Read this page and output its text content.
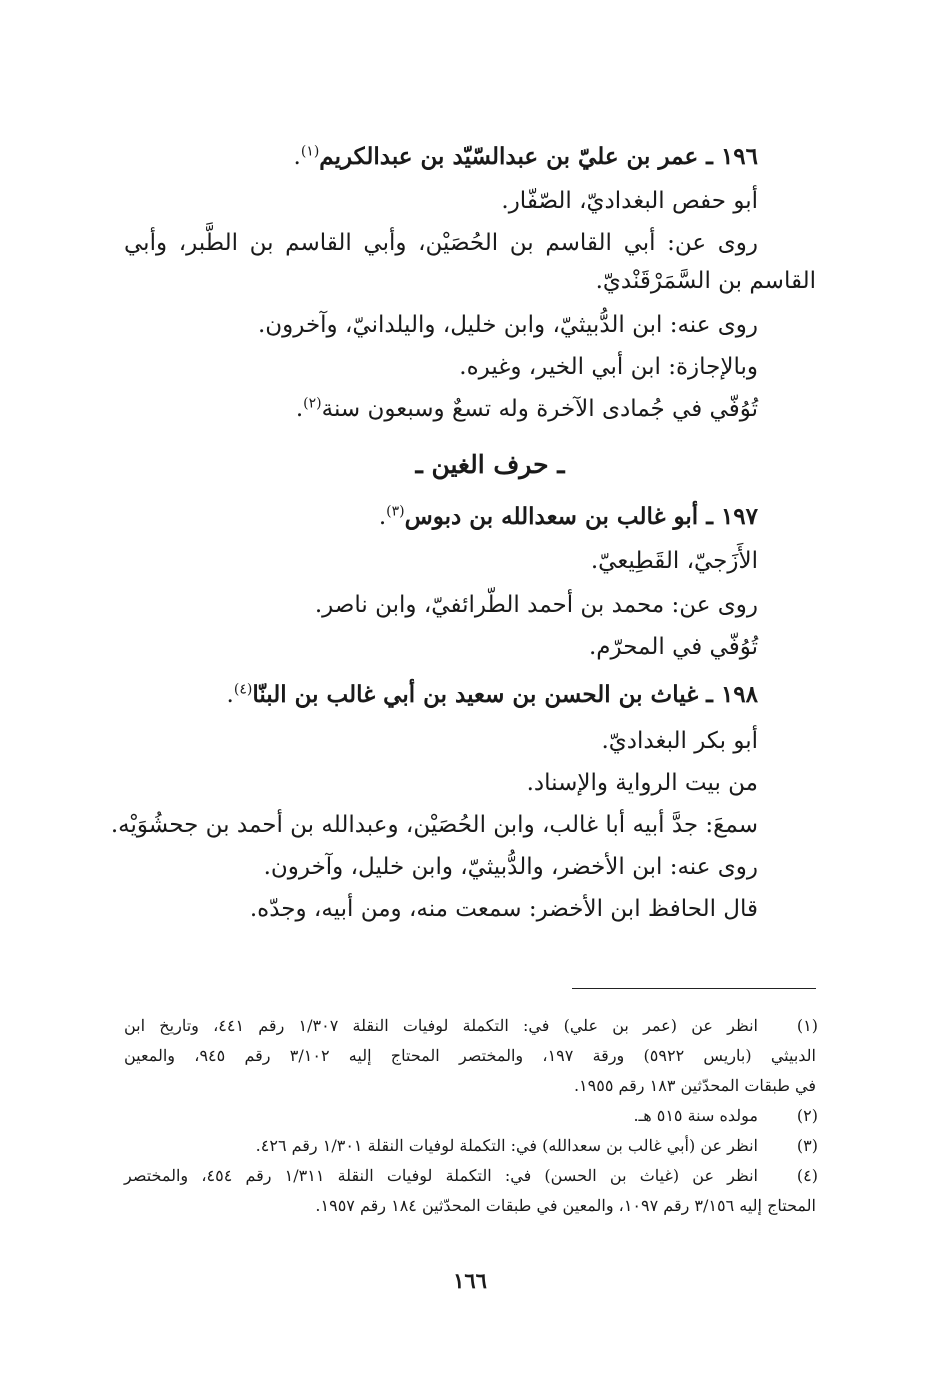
١٩٦ ـ عمر بن عليّ بن عبدالسّيّد بن عبدالكريم$^{(١)}$.
أبو حفص البغداديّ، الصّفّار.
روى عن: أبي القاسم بن الحُصَيْن، وأبي القاسم بن الطَّبر، وأبي
القاسم بن السَّمَرْقَنْديّ.
روى عنه: ابن الدُّبيثيّ، وابن خليل، واليلدانيّ، وآخرون.
وبالإجازة: ابن أبي الخير، وغيره.
تُوُفّي في جُمادى الآخرة وله تسعٌ وسبعون سنة$^{(٢)}$.
ـ حرف الغين ـ
١٩٧ ـ أبو غالب بن سعدالله بن دبوس$^{(٣)}$.
الأَزَجيّ، القَطِيعيّ.
روى عن: محمد بن أحمد الطّرائفيّ، وابن ناصر.
تُوُفّي في المحرّم.
١٩٨ ـ غياث بن الحسن بن سعيد بن أبي غالب بن البنّا$^{(٤)}$.
أبو بكر البغداديّ.
من بيت الرواية والإسناد.
سمعَ: جدَّ أبيه أبا غالب، وابن الحُصَيْن، وعبدالله بن أحمد بن جحشُوَيْه.
روى عنه: ابن الأخضر، والدُّبيثيّ، وابن خليل، وآخرون.
قال الحافظ ابن الأخضر: سمعت منه، ومن أبيه، وجدّه.
(١)
انظر عن (عمر بن علي) في: التكملة لوفيات النقلة ١/٣٠٧ رقم ٤٤١، وتاريخ ابن
الدبيثي (باريس ٥٩٢٢) ورقة ١٩٧، والمختصر المحتاج إليه ٣/١٠٢ رقم ٩٤٥، والمعين
في طبقات المحدّثين ١٨٣ رقم ١٩٥٥.
(٢)
مولده سنة ٥١٥ هـ.
(٣)
انظر عن (أبي غالب بن سعدالله) في: التكملة لوفيات النقلة ١/٣٠١ رقم ٤٢٦.
(٤)
انظر عن (غياث بن الحسن) في: التكملة لوفيات النقلة ١/٣١١ رقم ٤٥٤، والمختصر
المحتاج إليه ٣/١٥٦ رقم ١٠٩٧، والمعين في طبقات المحدّثين ١٨٤ رقم ١٩٥٧.
١٦٦
